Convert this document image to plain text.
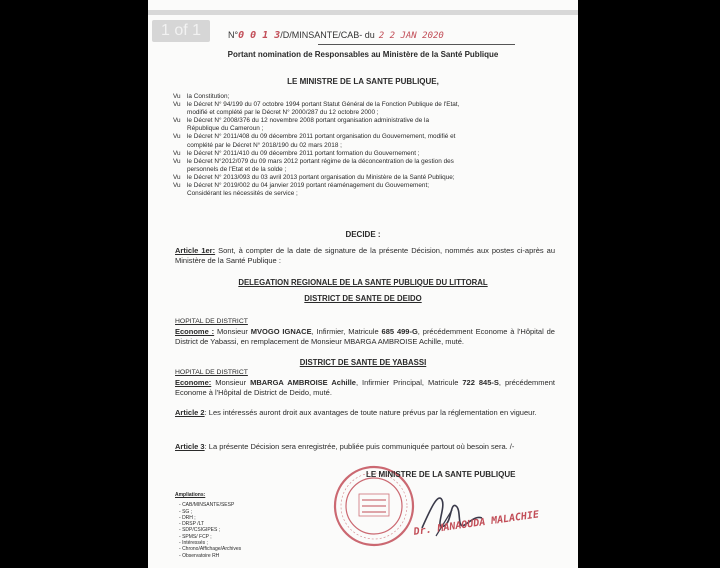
1 of 1	N°0 0 1 3/D/MINSANTE/CAB- du 2 2 JAN 2020
Portant nomination de Responsables au Ministère de la Santé Publique
LE MINISTRE DE LA SANTE PUBLIQUE,
Vu	la Constitution;
Vu	le Décret N° 94/199 du 07 octobre 1994 portant Statut Général de la Fonction Publique de l'Etat,
modifié et complété par le Décret N° 2000/287 du 12 octobre 2000 ;
Vu	le Décret N° 2008/376 du 12 novembre 2008 portant organisation administrative de la
République du Cameroun ;
Vu	le Décret N° 2011/408 du 09 décembre 2011 portant organisation du Gouvernement, modifié et
complété par le Décret N° 2018/190 du 02 mars 2018 ;
Vu	le Décret N° 2011/410 du 09 décembre 2011 portant formation du Gouvernement ;
Vu	le Décret N°2012/079 du 09 mars 2012 portant régime de la déconcentration de la gestion des
personnels de l'Etat et de la solde ;
Vu	le Décret N° 2013/093 du 03 avril 2013 portant organisation du Ministère de la Santé Publique;
Vu	le Décret N° 2019/002 du 04 janvier 2019 portant réaménagement du Gouvernement;
Considérant les nécessités de service ;
DECIDE :
Article 1er: Sont, à compter de la date de signature de la présente Décision, nommés aux postes ci-après au Ministère de la Santé Publique :
DELEGATION REGIONALE DE LA SANTE PUBLIQUE DU LITTORAL
DISTRICT DE SANTE DE DEIDO
HOPITAL DE DISTRICT
Econome : Monsieur MVOGO IGNACE, Infirmier, Matricule 685 499-G, précédemment Econome à l'Hôpital de District de Yabassi, en remplacement de Monsieur MBARGA AMBROISE Achille, muté.
DISTRICT DE SANTE DE YABASSI
HOPITAL DE DISTRICT
Econome: Monsieur MBARGA AMBROISE Achille, Infirmier Principal, Matricule 722 845-S, précédemment Econome à l'Hôpital de District de Deido, muté.
Article 2: Les intéressés auront droit aux avantages de toute nature prévus par la réglementation en vigueur.
Article 3: La présente Décision sera enregistrée, publiée puis communiquée partout où besoin sera. /-
LE MINISTRE DE LA SANTE PUBLIQUE
Dr. MANAOUDA MALACHIE
Ampliations:
- CAB/MINSANTE/SESP
- SG ;
- DRH ;
- DRSP /LT
- SDP/CSIGIPES ;
- SPMS/ FCP ;
- Intéressés ;
- Chrono/Affichage/Archives
- Observatoire RH
